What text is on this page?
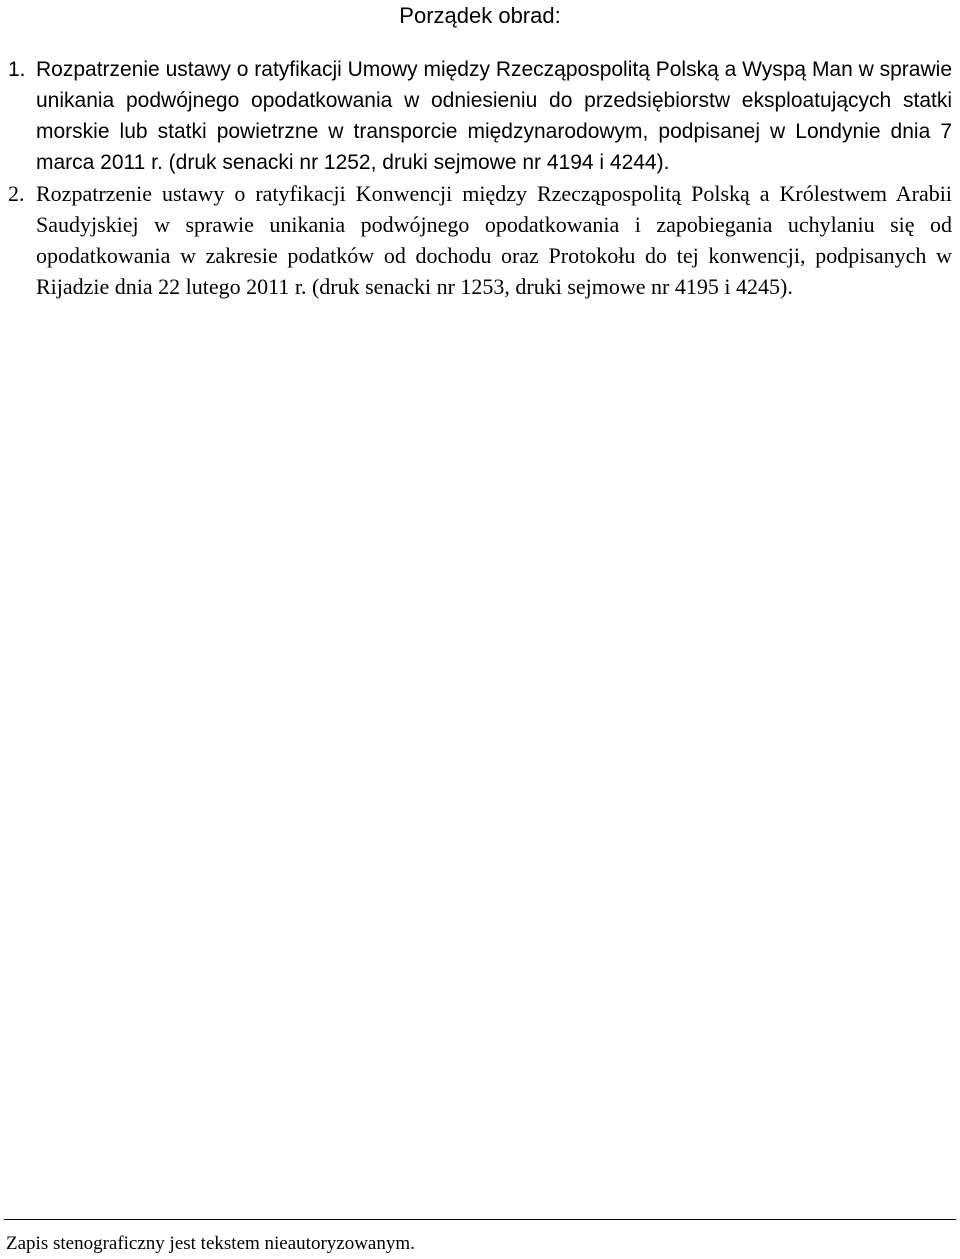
Porządek obrad:

1. Rozpatrzenie ustawy o ratyfikacji Umowy między Rzecząpospolitą Polską a Wyspą Man w sprawie unikania podwójnego opodatkowania w odniesieniu do przedsiębiorstw eksploatujących statki morskie lub statki powietrzne w transporcie międzynarodowym, podpisanej w Londynie dnia 7 marca 2011 r. (druk senacki nr 1252, druki sejmowe nr 4194 i 4244).

2. Rozpatrzenie ustawy o ratyfikacji Konwencji między Rzecząpospolitą Polską a Królestwem Arabii Saudyjskiej w sprawie unikania podwójnego opodatkowania i zapobiegania uchylaniu się od opodatkowania w zakresie podatków od dochodu oraz Protokołu do tej konwencji, podpisanych w Rijadzie dnia 22 lutego 2011 r. (druk senacki nr 1253, druki sejmowe nr 4195 i 4245).

Zapis stenograficzny jest tekstem nieautoryzowanym.
